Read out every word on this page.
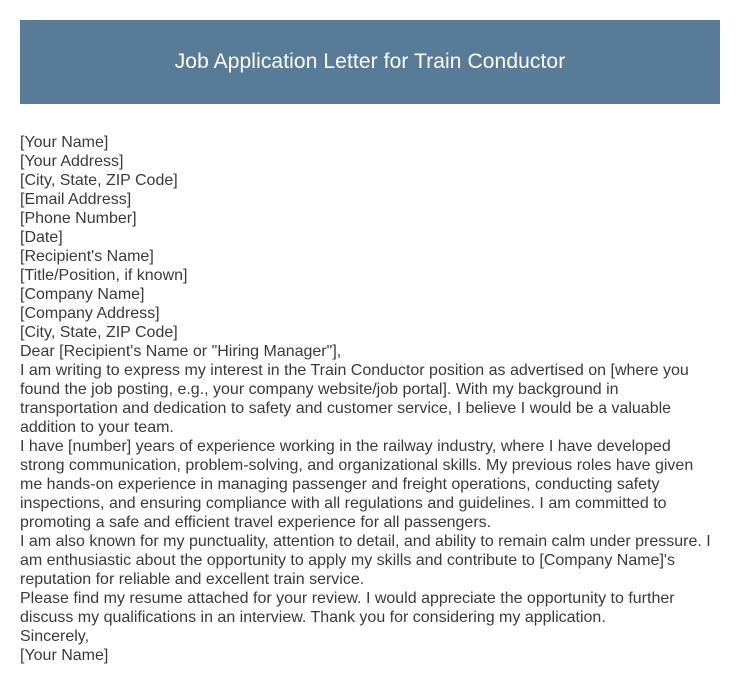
Job Application Letter for Train Conductor
[Your Name]
[Your Address]
[City, State, ZIP Code]
[Email Address]
[Phone Number]
[Date]
[Recipient's Name]
[Title/Position, if known]
[Company Name]
[Company Address]
[City, State, ZIP Code]
Dear [Recipient's Name or "Hiring Manager"],
I am writing to express my interest in the Train Conductor position as advertised on [where you found the job posting, e.g., your company website/job portal]. With my background in transportation and dedication to safety and customer service, I believe I would be a valuable addition to your team.
I have [number] years of experience working in the railway industry, where I have developed strong communication, problem-solving, and organizational skills. My previous roles have given me hands-on experience in managing passenger and freight operations, conducting safety inspections, and ensuring compliance with all regulations and guidelines. I am committed to promoting a safe and efficient travel experience for all passengers.
I am also known for my punctuality, attention to detail, and ability to remain calm under pressure. I am enthusiastic about the opportunity to apply my skills and contribute to [Company Name]'s reputation for reliable and excellent train service.
Please find my resume attached for your review. I would appreciate the opportunity to further discuss my qualifications in an interview. Thank you for considering my application.
Sincerely,
[Your Name]
